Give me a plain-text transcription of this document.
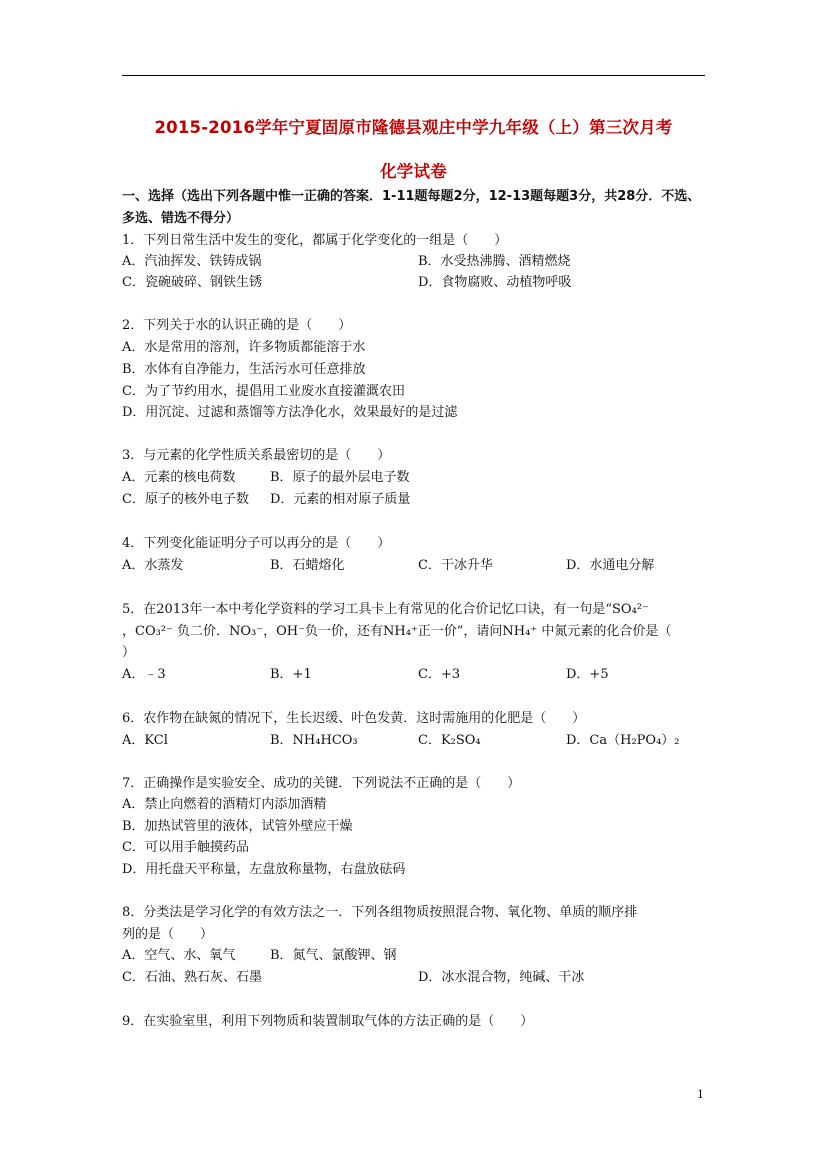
2015-2016学年宁夏固原市隆德县观庄中学九年级（上）第三次月考
化学试卷
一、选择（选出下列各题中惟一正确的答案．1-11题每题2分，12-13题每题3分，共28分．不选、多选、错选不得分）
1．下列日常生活中发生的变化，都属于化学变化的一组是（　　）
A．汽油挥发、铁铸成锅	B．水受热沸腾、酒精燃烧
C．瓷碗破碎、钢铁生锈	D．食物腐败、动植物呼吸
2．下列关于水的认识正确的是（　　）
A．水是常用的溶剂，许多物质都能溶于水
B．水体有自净能力，生活污水可任意排放
C．为了节约用水，提倡用工业废水直接灌溉农田
D．用沉淀、过滤和蒸馏等方法净化水，效果最好的是过滤
3．与元素的化学性质关系最密切的是（　　）
A．元素的核电荷数	B．原子的最外层电子数
C．原子的核外电子数 D．元素的相对原子质量
4．下列变化能证明分子可以再分的是（　　）
A．水蒸发	B．石蜡熔化	C．干冰升华	D．水通电分解
5．在2013年一本中考化学资料的学习工具卡上有常见的化合价记忆口诀，有一句是“SO₄²⁻
，CO₃²⁻ 负二价．NO₃⁻，OH⁻负一价，还有NH₄⁺正一价”，请问NH₄⁺ 中氮元素的化合价是（
）
A．﹣3	B．+1	C．+3	D．+5
6．农作物在缺氮的情况下，生长迟缓、叶色发黄．这时需施用的化肥是（　　）
A．KCl	B．NH₄HCO₃	C．K₂SO₄	D．Ca（H₂PO₄）₂
7．正确操作是实验安全、成功的关键．下列说法不正确的是（　　）
A．禁止向燃着的酒精灯内添加酒精
B．加热试管里的液体，试管外壁应干燥
C．可以用手触摸药品
D．用托盘天平称量，左盘放称量物，右盘放砝码
8．分类法是学习化学的有效方法之一．下列各组物质按照混合物、氧化物、单质的顺序排
列的是（　　）
A．空气、水、氧气	B．氮气、氯酸钾、钢
C．石油、熟石灰、石墨	D．冰水混合物，纯碱、干冰
9．在实验室里，利用下列物质和装置制取气体的方法正确的是（　　）
1
